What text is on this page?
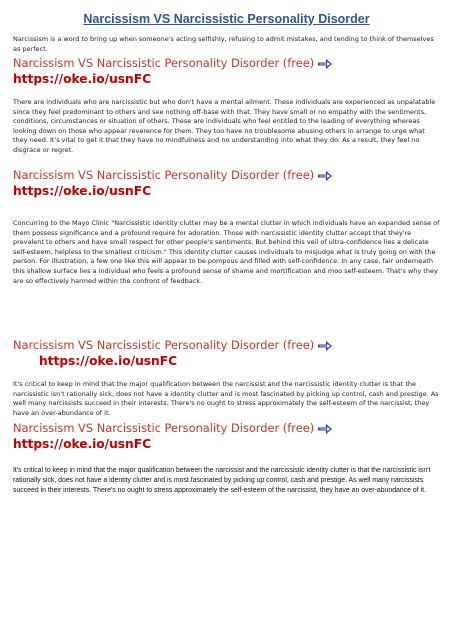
Narcissism VS Narcissistic Personality Disorder

Narcissism is a word to bring up when someone's acting selfishly, refusing to admit mistakes, and tending to think of themselves as perfect.

Narcissism VS Narcissistic Personality Disorder (free)
https://oke.io/usnFC

There are individuals who are narcissistic but who don't have a mental ailment. These individuals are experienced as unpalatable since they feel predominant to others and see nothing off-base with that. They have small or no empathy with the sentiments, conditions, circumstances or situation of others. These are individuals who feel entitled to the leading of everything whereas looking down on those who appear reverence for them. They too have no troublesome abusing others in arrange to urge what they need. It's vital to get it that they have no mindfulness and no understanding into what they do. As a result, they feel no disgrace or regret.

Narcissism VS Narcissistic Personality Disorder (free)
https://oke.io/usnFC

Concurring to the Mayo Clinic "Narcissistic identity clutter may be a mental clutter in which individuals have an expanded sense of them possess significance and a profound require for adoration. Those with narcissistic identity clutter accept that they're prevalent to others and have small respect for other people's sentiments. But behind this veil of ultra-confidence lies a delicate self-esteem, helpless to the smallest criticism." This identity clutter causes individuals to misjudge what is truly going on with the person. For illustration, a few one like this will appear to be pompous and filled with self-confidence. In any case, fair underneath this shallow surface lies a individual who feels a profound sense of shame and mortification and moo self-esteem. That's why they are so effectively harmed within the confront of feedback.

Narcissism VS Narcissistic Personality Disorder (free)
https://oke.io/usnFC

It's critical to keep in mind that the major qualification between the narcissist and the narcissistic identity clutter is that the narcissistic isn't rationally sick, does not have a identity clutter and is most fascinated by picking up control, cash and prestige. As well many narcissists succeed in their interests. There's no ought to stress approximately the self-esteem of the narcissist, they have an over-abundance of it.

Narcissism VS Narcissistic Personality Disorder (free)
https://oke.io/usnFC

It's critical to keep in mind that the major qualification between the narcissist and the narcissistic identity clutter is that the narcissistic isn't rationally sick, does not have a identity clutter and is most fascinated by picking up control, cash and prestige. As well many narcissists succeed in their interests. There's no ought to stress approximately the self-esteem of the narcissist, they have an over-abundance of it.
